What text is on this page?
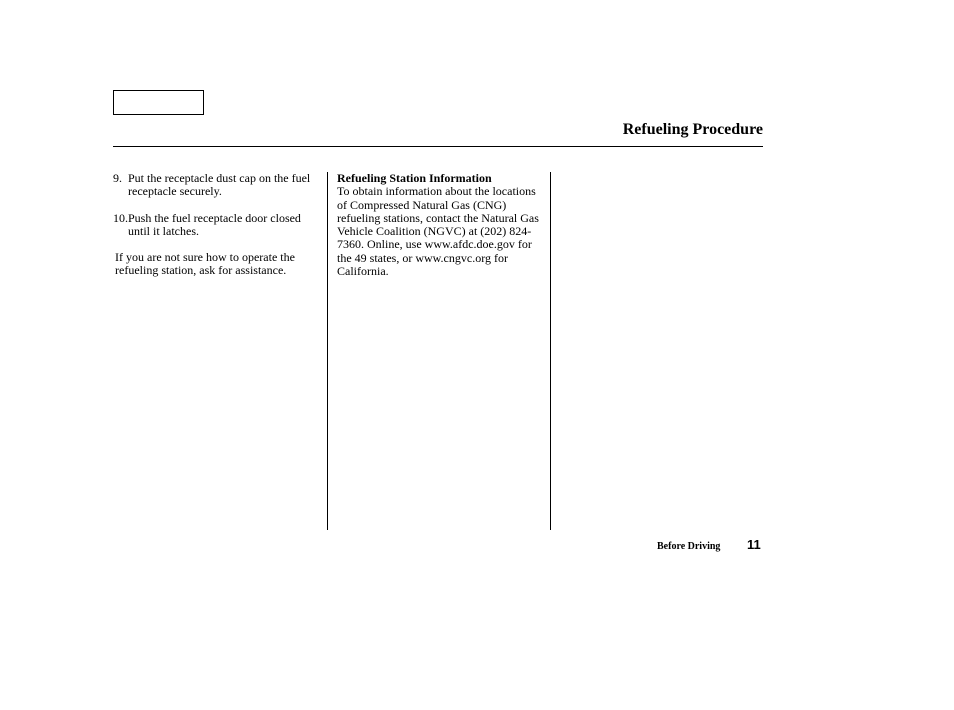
Refueling Procedure
9. Put the receptacle dust cap on the fuel receptacle securely.
10. Push the fuel receptacle door closed until it latches.

If you are not sure how to operate the refueling station, ask for assistance.

Refueling Station Information

To obtain information about the locations of Compressed Natural Gas (CNG) refueling stations, contact the Natural Gas Vehicle Coalition (NGVC) at (202) 824-7360. Online, use www.afdc.doe.gov for the 49 states, or www.cngvc.org for California.

Before Driving 11
